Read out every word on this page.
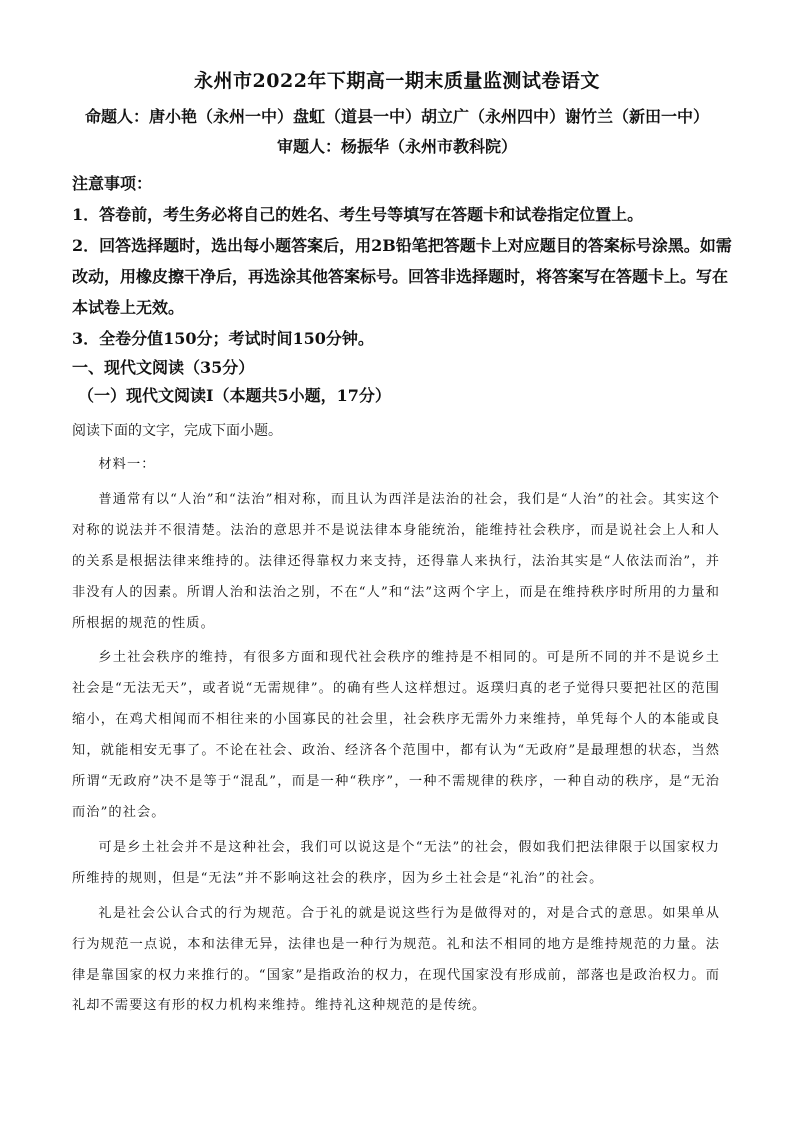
永州市2022年下期高一期末质量监测试卷语文
命题人：唐小艳（永州一中）盘虹（道县一中）胡立广（永州四中）谢竹兰（新田一中）
审题人：杨振华（永州市教科院）

注意事项：

1．答卷前，考生务必将自己的姓名、考生号等填写在答题卡和试卷指定位置上。

2．回答选择题时，选出每小题答案后，用2B铅笔把答题卡上对应题目的答案标号涂黑。如需改动，用橡皮擦干净后，再选涂其他答案标号。回答非选择题时，将答案写在答题卡上。写在本试卷上无效。

3．全卷分值150分；考试时间150分钟。

一、现代文阅读（35分）

（一）现代文阅读Ⅰ（本题共5小题，17分）

阅读下面的文字，完成下面小题。

材料一：

普通常有以“人治”和“法治”相对称，而且认为西洋是法治的社会，我们是“人治”的社会。其实这个对称的说法并不很清楚。法治的意思并不是说法律本身能统治，能维持社会秩序，而是说社会上人和人的关系是根据法律来维持的。法律还得靠权力来支持，还得靠人来执行，法治其实是“人依法而治”，并非没有人的因素。所谓人治和法治之别，不在“人”和“法”这两个字上，而是在维持秩序时所用的力量和所根据的规范的性质。

乡土社会秩序的维持，有很多方面和现代社会秩序的维持是不相同的。可是所不同的并不是说乡土社会是“无法无天”，或者说“无需规律”。的确有些人这样想过。返璞归真的老子觉得只要把社区的范围缩小，在鸡犬相闻而不相往来的小国寡民的社会里，社会秩序无需外力来维持，单凭每个人的本能或良知，就能相安无事了。不论在社会、政治、经济各个范围中，都有认为“无政府”是最理想的状态，当然所谓“无政府”决不是等于“混乱”，而是一种“秩序”，一种不需规律的秩序，一种自动的秩序，是“无治而治”的社会。

可是乡土社会并不是这种社会，我们可以说这是个“无法”的社会，假如我们把法律限于以国家权力所维持的规则，但是“无法”并不影响这社会的秩序，因为乡土社会是“礼治”的社会。

礼是社会公认合式的行为规范。合于礼的就是说这些行为是做得对的，对是合式的意思。如果单从行为规范一点说，本和法律无异，法律也是一种行为规范。礼和法不相同的地方是维持规范的力量。法律是靠国家的权力来推行的。“国家”是指政治的权力，在现代国家没有形成前，部落也是政治权力。而礼却不需要这有形的权力机构来维持。维持礼这种规范的是传统。
